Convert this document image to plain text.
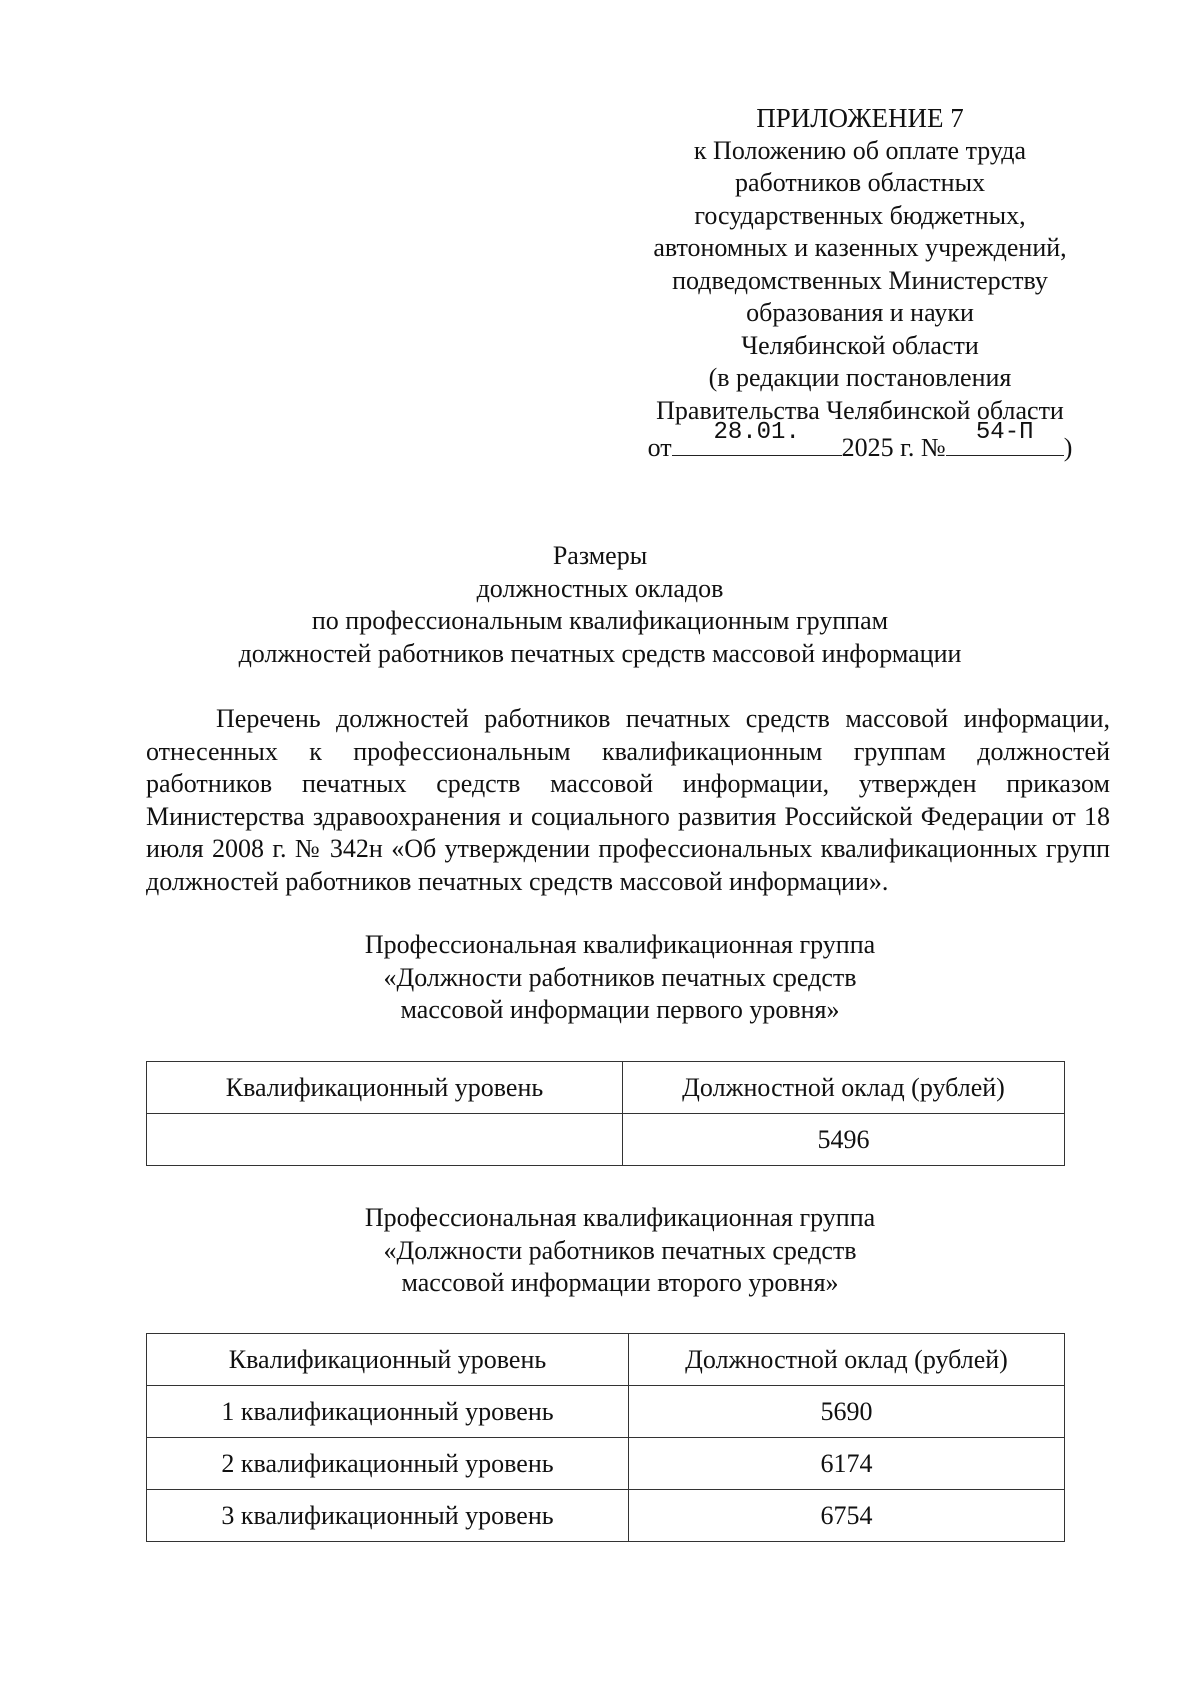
ПРИЛОЖЕНИЕ 7
к Положению об оплате труда
работников областных
государственных бюджетных,
автономных и казенных учреждений,
подведомственных Министерству
образования и науки
Челябинской области
(в редакции постановления
Правительства Челябинской области
от
28.01.
2025 г. №
54-П
)
Размеры
должностных окладов
по профессиональным квалификационным группам
должностей работников печатных средств массовой информации
Перечень должностей работников печатных средств массовой информации, отнесенных к профессиональным квалификационным группам должностей работников печатных средств массовой информации, утвержден приказом Министерства здравоохранения и социального развития Российской Федерации от 18 июля 2008 г. № 342н «Об утверждении профессиональных квалификационных групп должностей работников печатных средств массовой информации».
Профессиональная квалификационная группа
«Должности работников печатных средств
массовой информации первого уровня»
Квалификационный уровень	Должностной оклад (рублей)
	5496
Профессиональная квалификационная группа
«Должности работников печатных средств
массовой информации второго уровня»
Квалификационный уровень	Должностной оклад (рублей)
1 квалификационный уровень	5690
2 квалификационный уровень	6174
3 квалификационный уровень	6754
